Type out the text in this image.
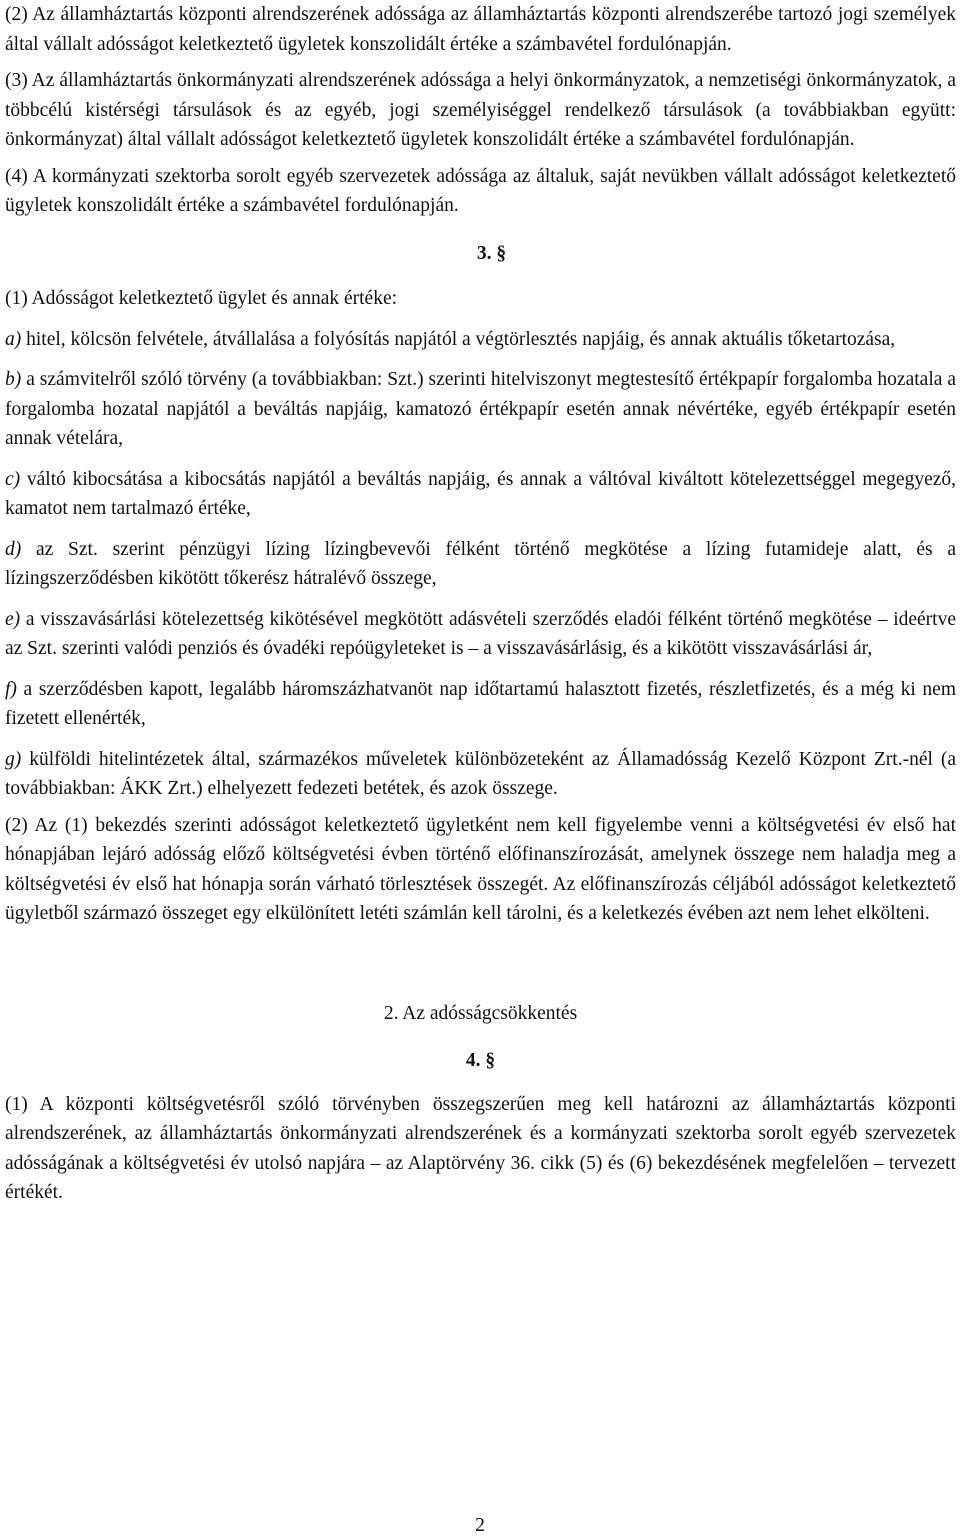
(2) Az államháztartás központi alrendszerének adóssága az államháztartás központi alrendszerébe tartozó jogi személyek által vállalt adósságot keletkeztető ügyletek konszolidált értéke a számbavétel fordulónapján.

(3) Az államháztartás önkormányzati alrendszerének adóssága a helyi önkormányzatok, a nemzetiségi önkormányzatok, a többcélú kistérségi társulások és az egyéb, jogi személyiséggel rendelkező társulások (a továbbiakban együtt: önkormányzat) által vállalt adósságot keletkeztető ügyletek konszolidált értéke a számbavétel fordulónapján.

(4) A kormányzati szektorba sorolt egyéb szervezetek adóssága az általuk, saját nevükben vállalt adósságot keletkeztető ügyletek konszolidált értéke a számbavétel fordulónapján.

3. §

(1) Adósságot keletkeztető ügylet és annak értéke:

a) hitel, kölcsön felvétele, átvállalása a folyósítás napjától a végtörlesztés napjáig, és annak aktuális tőketartozása,

b) a számvitelről szóló törvény (a továbbiakban: Szt.) szerinti hitelviszonyt megtestesítő értékpapír forgalomba hozatala a forgalomba hozatal napjától a beváltás napjáig, kamatozó értékpapír esetén annak névértéke, egyéb értékpapír esetén annak vételára,

c) váltó kibocsátása a kibocsátás napjától a beváltás napjáig, és annak a váltóval kiváltott kötelezettséggel megegyező, kamatot nem tartalmazó értéke,

d) az Szt. szerint pénzügyi lízing lízingbevevői félként történő megkötése a lízing futamideje alatt, és a lízingszerződésben kikötött tőkerész hátralévő összege,

e) a visszavásárlási kötelezettség kikötésével megkötött adásvételi szerződés eladói félként történő megkötése – ideértve az Szt. szerinti valódi penziós és óvadéki repóügyleteket is – a visszavásárlásig, és a kikötött visszavásárlási ár,

f) a szerződésben kapott, legalább háromszázhatvanöt nap időtartamú halasztott fizetés, részletfizetés, és a még ki nem fizetett ellenérték,

g) külföldi hitelintézetek által, származékos műveletek különbözeteként az Államadósság Kezelő Központ Zrt.-nél (a továbbiakban: ÁKK Zrt.) elhelyezett fedezeti betétek, és azok összege.

(2) Az (1) bekezdés szerinti adósságot keletkeztető ügyletként nem kell figyelembe venni a költségvetési év első hat hónapjában lejáró adósság előző költségvetési évben történő előfinanszírozását, amelynek összege nem haladja meg a költségvetési év első hat hónapja során várható törlesztések összegét. Az előfinanszírozás céljából adósságot keletkeztető ügyletből származó összeget egy elkülönített letéti számlán kell tárolni, és a keletkezés évében azt nem lehet elkölteni.

2. Az adósságcsökkentés

4. §

(1) A központi költségvetésről szóló törvényben összegszerűen meg kell határozni az államháztartás központi alrendszerének, az államháztartás önkormányzati alrendszerének és a kormányzati szektorba sorolt egyéb szervezetek adósságának a költségvetési év utolsó napjára – az Alaptörvény 36. cikk (5) és (6) bekezdésének megfelelően – tervezett értékét.

2
